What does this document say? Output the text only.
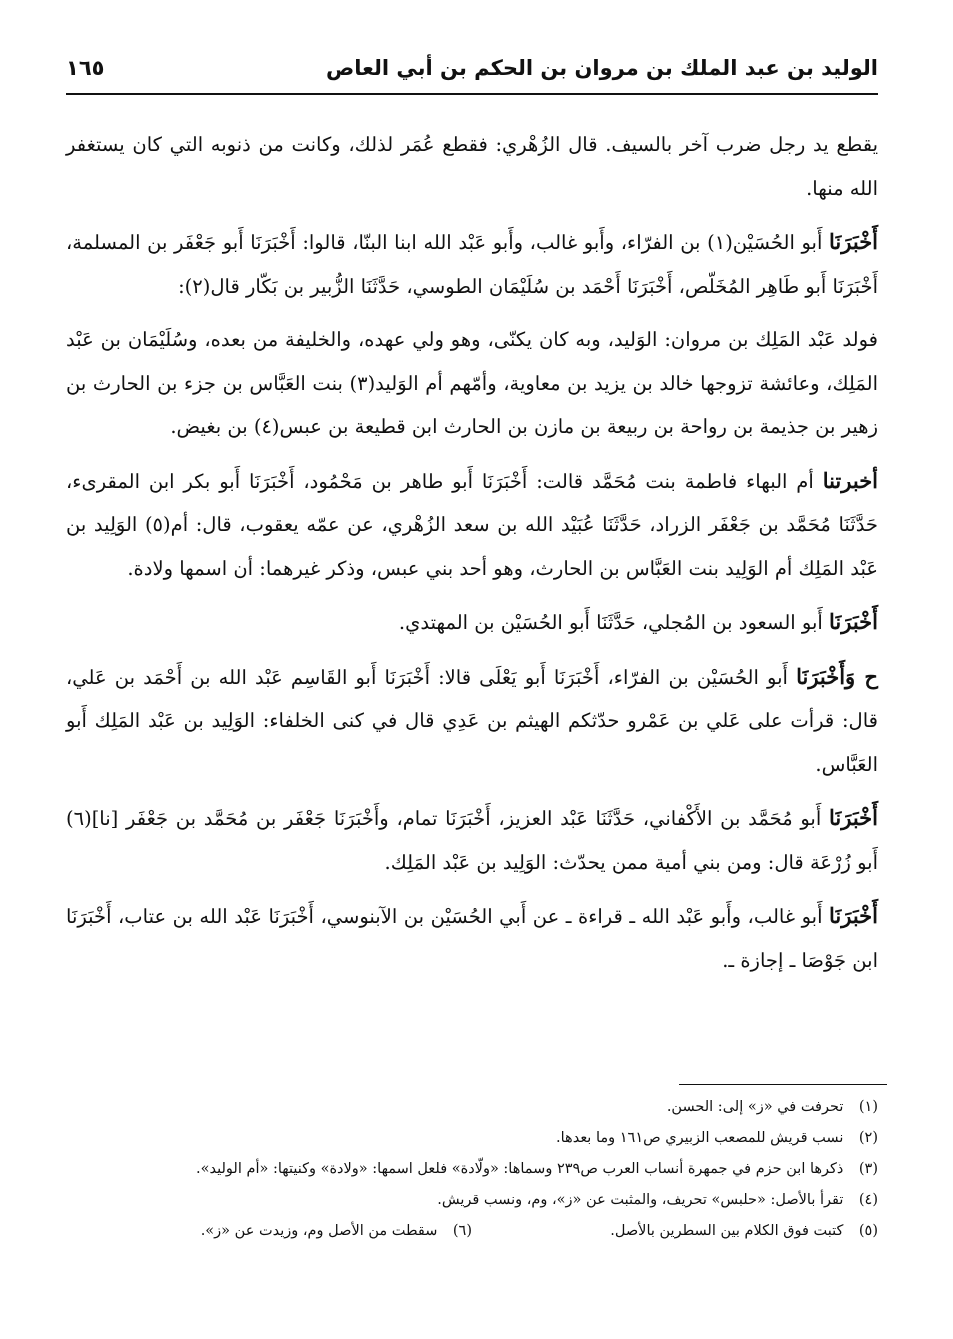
الوليد بن عبد الملك بن مروان بن الحكم بن أبي العاص
١٦٥

يقطع يد رجل ضرب آخر بالسيف. قال الزُهْري: فقطع عُمَر لذلك، وكانت من ذنوبه التي كان يستغفر الله منها.

أَخْبَرَنَا أَبو الحُسَيْن(١) بن الفرّاء، وأَبو غالب، وأَبو عَبْد الله ابنا البنّا، قالوا: أَخْبَرَنَا أَبو جَعْفَر بن المسلمة، أَخْبَرَنَا أَبو طَاهِر المُخَلّص، أَخْبَرَنَا أَحْمَد بن سُلَيْمَان الطوسي، حَدَّثَنَا الزُّبير بن بَكّار قال(٢):

فولد عَبْد المَلِك بن مروان: الوَليد، وبه كان يكنّى، وهو ولي عهده، والخليفة من بعده، وسُلَيْمَان بن عَبْد المَلِك، وعائشة تزوجها خالد بن يزيد بن معاوية، وأمّهم أم الوَليد(٣) بنت العَبَّاس بن جزء بن الحارث بن زهير بن جذيمة بن رواحة بن ربيعة بن مازن بن الحارث ابن قطيعة بن عبس(٤) بن بغيض.

أخبرتنا أم البهاء فاطمة بنت مُحَمَّد قالت: أَخْبَرَنَا أَبو طاهر بن مَحْمُود، أَخْبَرَنَا أَبو بكر ابن المقرىء، حَدَّثَنَا مُحَمَّد بن جَعْفَر الزراد، حَدَّثَنَا عُبَيْد الله بن سعد الزُهْري، عن عمّه يعقوب، قال: أم(٥) الوَلِيد بن عَبْد المَلِك أم الوَلِيد بنت العَبَّاس بن الحارث، وهو أحد بني عبس، وذكر غيرهما: أن اسمها ولادة.

أَخْبَرَنَا أَبو السعود بن المُجلي، حَدَّثَنَا أَبو الحُسَيْن بن المهتدي.

ح وَأَخْبَرَنَا أَبو الحُسَيْن بن الفرّاء، أَخْبَرَنَا أَبو يَعْلَى قالا: أَخْبَرَنَا أَبو القَاسِم عَبْد الله بن أَحْمَد بن عَلي، قال: قرأت على عَلي بن عَمْرو حدّثكم الهيثم بن عَدِي قال في كنى الخلفاء: الوَلِيد بن عَبْد المَلِك أَبو العَبَّاس.

أَخْبَرَنَا أَبو مُحَمَّد بن الأَكْفاني، حَدَّثَنَا عَبْد العزيز، أَخْبَرَنَا تمام، وأَخْبَرَنَا جَعْفَر بن مُحَمَّد بن جَعْفَر [نا](٦) أَبو زُرْعَة قال: ومن بني أمية ممن يحدّث: الوَلِيد بن عَبْد المَلِك.

أَخْبَرَنَا أَبو غالب، وأَبو عَبْد الله ـ قراءة ـ عن أَبي الحُسَيْن بن الآبنوسي، أَخْبَرَنَا عَبْد الله بن عتاب، أَخْبَرَنَا ابن جَوْصَا ـ إجازة ـ.

(١) تحرفت في «ز» إلى: الحسن.
(٢) نسب قريش للمصعب الزبيري ص١٦١ وما بعدها.
(٣) ذكرها ابن حزم في جمهرة أنساب العرب ص٢٣٩ وسماها: «ولّادة» فلعل اسمها: «ولادة» وكنيتها: «أم الوليد».
(٤) تقرأ بالأصل: «حلبس» تحريف، والمثبت عن «ز»، وم، ونسب قريش.
(٥) كتبت فوق الكلام بين السطرين بالأصل.
(٦) سقطت من الأصل وم، وزيدت عن «ز».
